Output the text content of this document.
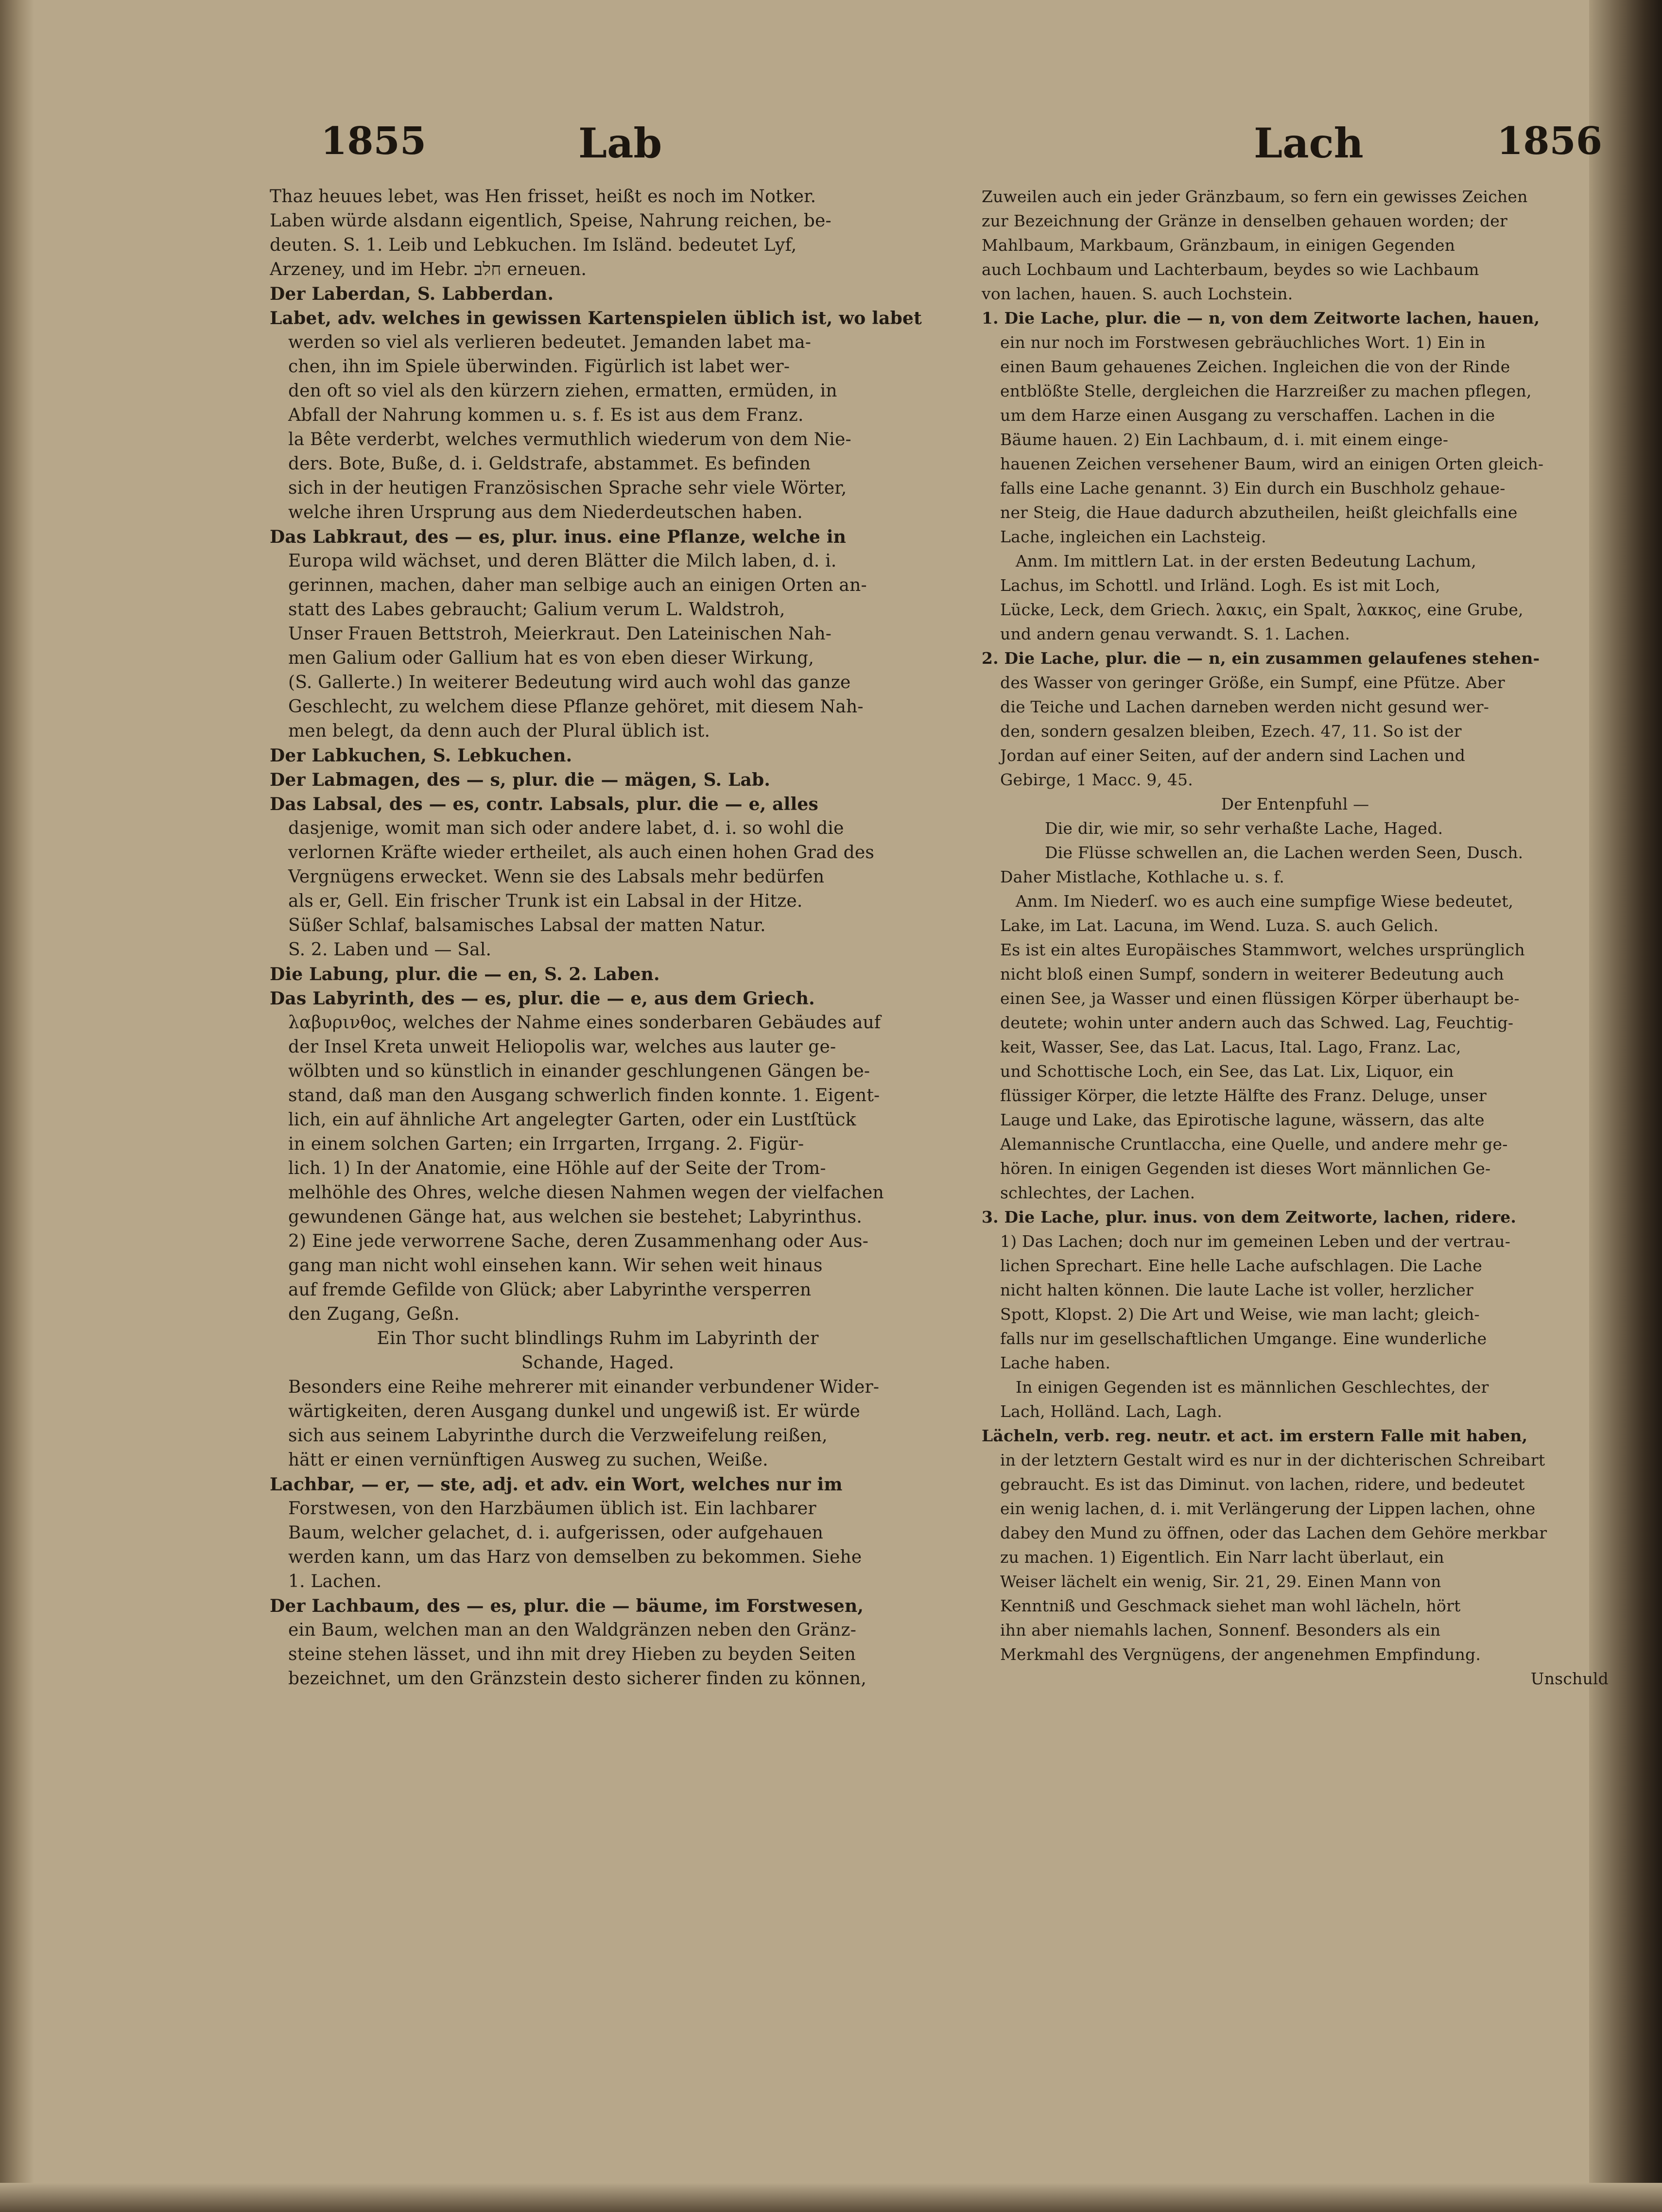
1855	Lab	Lach	1856
Thaz heuues lebet, was Hen frisset, heißt es noch im Notker.
Laben würde alsdann eigentlich, Speise, Nahrung reichen, be-
deuten. S. 1. Leib und Lebkuchen. Im Isländ. bedeutet Lyf,
Arzeney, und im Hebr. חלב erneuen.
Der Laberdan, S. Labberdan.
Labet, adv. welches in gewissen Kartenspielen üblich ist, wo labet
werden so viel als verlieren bedeutet. Jemanden labet ma-
chen, ihn im Spiele überwinden. Figürlich ist labet wer-
den oft so viel als den kürzern ziehen, ermatten, ermüden, in
Abfall der Nahrung kommen u. s. f. Es ist aus dem Franz.
la Bête verderbt, welches vermuthlich wiederum von dem Nie-
ders. Bote, Buße, d. i. Geldstrafe, abstammet. Es befinden
sich in der heutigen Französischen Sprache sehr viele Wörter,
welche ihren Ursprung aus dem Niederdeutschen haben.
Das Labkraut, des — es, plur. inus. eine Pflanze, welche in
Europa wild wächset, und deren Blätter die Milch laben, d. i.
gerinnen, machen, daher man selbige auch an einigen Orten an-
statt des Labes gebraucht; Galium verum L. Waldstroh,
Unser Frauen Bettstroh, Meierkraut. Den Lateinischen Nah-
men Galium oder Gallium hat es von eben dieser Wirkung,
(S. Gallerte.) In weiterer Bedeutung wird auch wohl das ganze
Geschlecht, zu welchem diese Pflanze gehöret, mit diesem Nah-
men belegt, da denn auch der Plural üblich ist.
Der Labkuchen, S. Lebkuchen.
Der Labmagen, des — s, plur. die — mägen, S. Lab.
Das Labsal, des — es, contr. Labsals, plur. die — e, alles
dasjenige, womit man sich oder andere labet, d. i. so wohl die
verlornen Kräfte wieder ertheilet, als auch einen hohen Grad des
Vergnügens erwecket. Wenn sie des Labsals mehr bedürfen
als er, Gell. Ein frischer Trunk ist ein Labsal in der Hitze.
Süßer Schlaf, balsamisches Labsal der matten Natur.
S. 2. Laben und — Sal.
Die Labung, plur. die — en, S. 2. Laben.
Das Labyrinth, des — es, plur. die — e, aus dem Griech.
λαβυρινθος, welches der Nahme eines sonderbaren Gebäudes auf
der Insel Kreta unweit Heliopolis war, welches aus lauter ge-
wölbten und so künstlich in einander geschlungenen Gängen be-
stand, daß man den Ausgang schwerlich finden konnte. 1. Eigent-
lich, ein auf ähnliche Art angelegter Garten, oder ein Lustſtück
in einem solchen Garten; ein Irrgarten, Irrgang. 2. Figür-
lich. 1) In der Anatomie, eine Höhle auf der Seite der Trom-
melhöhle des Ohres, welche diesen Nahmen wegen der vielfachen
gewundenen Gänge hat, aus welchen sie bestehet; Labyrinthus.
2) Eine jede verworrene Sache, deren Zusammenhang oder Aus-
gang man nicht wohl einsehen kann. Wir sehen weit hinaus
auf fremde Gefilde von Glück; aber Labyrinthe versperren
den Zugang, Geßn.
Ein Thor sucht blindlings Ruhm im Labyrinth der
Schande, Haged.
Besonders eine Reihe mehrerer mit einander verbundener Wider-
wärtigkeiten, deren Ausgang dunkel und ungewiß ist. Er würde
sich aus seinem Labyrinthe durch die Verzweifelung reißen,
hätt er einen vernünftigen Ausweg zu suchen, Weiße.
Lachbar, — er, — ste, adj. et adv. ein Wort, welches nur im
Forstwesen, von den Harzbäumen üblich ist. Ein lachbarer
Baum, welcher gelachet, d. i. aufgerissen, oder aufgehauen
werden kann, um das Harz von demselben zu bekommen. Siehe
1. Lachen.
Der Lachbaum, des — es, plur. die — bäume, im Forstwesen,
ein Baum, welchen man an den Waldgränzen neben den Gränz-
steine stehen lässet, und ihn mit drey Hieben zu beyden Seiten
bezeichnet, um den Gränzstein desto sicherer finden zu können,
Zuweilen auch ein jeder Gränzbaum, so fern ein gewisses Zeichen
zur Bezeichnung der Gränze in denselben gehauen worden; der
Mahlbaum, Markbaum, Gränzbaum, in einigen Gegenden
auch Lochbaum und Lachterbaum, beydes so wie Lachbaum
von lachen, hauen. S. auch Lochstein.
1. Die Lache, plur. die — n, von dem Zeitworte lachen, hauen,
ein nur noch im Forstwesen gebräuchliches Wort. 1) Ein in
einen Baum gehauenes Zeichen. Ingleichen die von der Rinde
entblößte Stelle, dergleichen die Harzreißer zu machen pflegen,
um dem Harze einen Ausgang zu verschaffen. Lachen in die
Bäume hauen. 2) Ein Lachbaum, d. i. mit einem einge-
hauenen Zeichen versehener Baum, wird an einigen Orten gleich-
falls eine Lache genannt. 3) Ein durch ein Buschholz gehaue-
ner Steig, die Haue dadurch abzutheilen, heißt gleichfalls eine
Lache, ingleichen ein Lachsteig.
Anm. Im mittlern Lat. in der ersten Bedeutung Lachum,
Lachus, im Schottl. und Irländ. Logh. Es ist mit Loch,
Lücke, Leck, dem Griech. λακις, ein Spalt, λακκος, eine Grube,
und andern genau verwandt. S. 1. Lachen.
2. Die Lache, plur. die — n, ein zusammen gelaufenes stehen-
des Wasser von geringer Größe, ein Sumpf, eine Pfütze. Aber
die Teiche und Lachen darneben werden nicht gesund wer-
den, sondern gesalzen bleiben, Ezech. 47, 11. So ist der
Jordan auf einer Seiten, auf der andern sind Lachen und
Gebirge, 1 Macc. 9, 45.
Der Entenpfuhl —
Die dir, wie mir, so sehr verhaßte Lache, Haged.
Die Flüsse schwellen an, die Lachen werden Seen, Dusch.
Daher Mistlache, Kothlache u. s. f.
Anm. Im Niederſ. wo es auch eine sumpfige Wiese bedeutet,
Lake, im Lat. Lacuna, im Wend. Luza. S. auch Gelich.
Es ist ein altes Europäisches Stammwort, welches ursprünglich
nicht bloß einen Sumpf, sondern in weiterer Bedeutung auch
einen See, ja Wasser und einen flüssigen Körper überhaupt be-
deutete; wohin unter andern auch das Schwed. Lag, Feuchtig-
keit, Wasser, See, das Lat. Lacus, Ital. Lago, Franz. Lac,
und Schottische Loch, ein See, das Lat. Lix, Liquor, ein
flüssiger Körper, die letzte Hälfte des Franz. Deluge, unser
Lauge und Lake, das Epirotische lagune, wässern, das alte
Alemannische Cruntlaccha, eine Quelle, und andere mehr ge-
hören. In einigen Gegenden ist dieses Wort männlichen Ge-
schlechtes, der Lachen.
3. Die Lache, plur. inus. von dem Zeitworte, lachen, ridere.
1) Das Lachen; doch nur im gemeinen Leben und der vertrau-
lichen Sprechart. Eine helle Lache aufschlagen. Die Lache
nicht halten können. Die laute Lache ist voller, herzlicher
Spott, Klopst. 2) Die Art und Weise, wie man lacht; gleich-
falls nur im gesellschaftlichen Umgange. Eine wunderliche
Lache haben.
In einigen Gegenden ist es männlichen Geschlechtes, der
Lach, Holländ. Lach, Lagh.
Lächeln, verb. reg. neutr. et act. im erstern Falle mit haben,
in der letztern Gestalt wird es nur in der dichterischen Schreibart
gebraucht. Es ist das Diminut. von lachen, ridere, und bedeutet
ein wenig lachen, d. i. mit Verlängerung der Lippen lachen, ohne
dabey den Mund zu öffnen, oder das Lachen dem Gehöre merkbar
zu machen. 1) Eigentlich. Ein Narr lacht überlaut, ein
Weiser lächelt ein wenig, Sir. 21, 29. Einen Mann von
Kenntniß und Geschmack siehet man wohl lächeln, hört
ihn aber niemahls lachen, Sonnenf. Besonders als ein
Merkmahl des Vergnügens, der angenehmen Empfindung.
Unschuld
